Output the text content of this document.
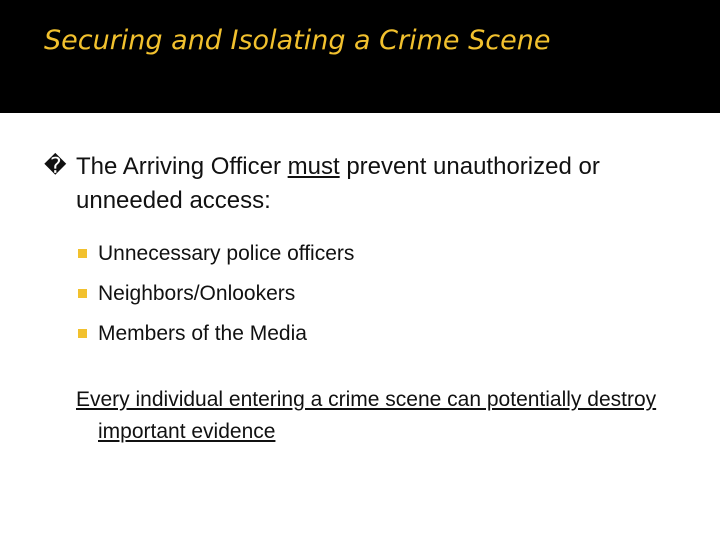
Securing and Isolating a Crime Scene

� The Arriving Officer must prevent unauthorized or unneeded access:

Unnecessary police officers
Neighbors/Onlookers
Members of the Media

Every individual entering a crime scene can potentially destroy important evidence
